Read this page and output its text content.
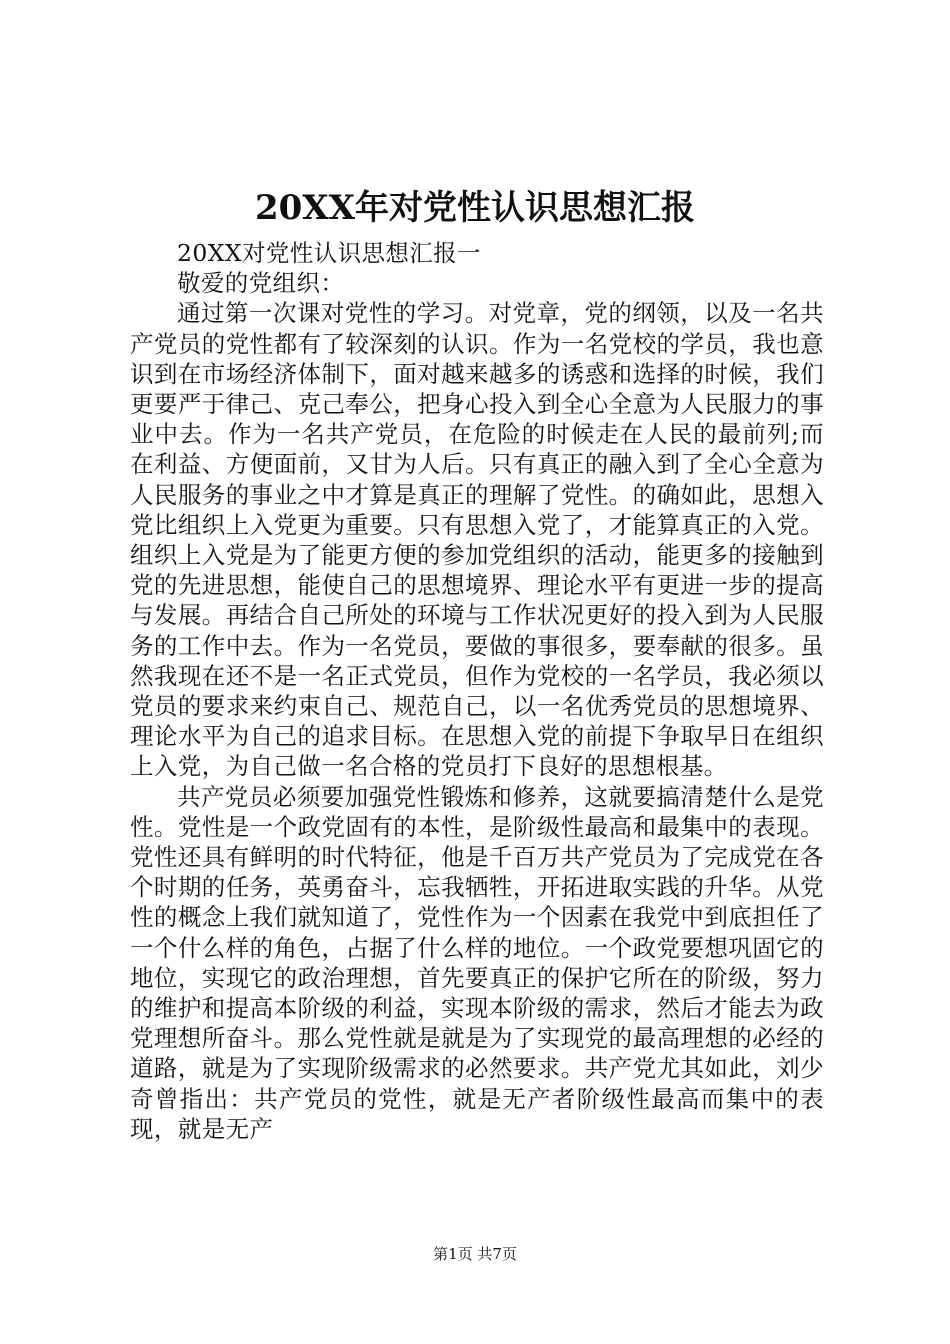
20XX年对党性认识思想汇报

20XX对党性认识思想汇报一

敬爱的党组织：

通过第一次课对党性的学习。对党章，党的纲领，以及一名共产党员的党性都有了较深刻的认识。作为一名党校的学员，我也意识到在市场经济体制下，面对越来越多的诱惑和选择的时候，我们更要严于律己、克己奉公，把身心投入到全心全意为人民服力的事业中去。作为一名共产党员，在危险的时候走在人民的最前列;而在利益、方便面前，又甘为人后。只有真正的融入到了全心全意为人民服务的事业之中才算是真正的理解了党性。的确如此，思想入党比组织上入党更为重要。只有思想入党了，才能算真正的入党。组织上入党是为了能更方便的参加党组织的活动，能更多的接触到党的先进思想，能使自己的思想境界、理论水平有更进一步的提高与发展。再结合自己所处的环境与工作状况更好的投入到为人民服务的工作中去。作为一名党员，要做的事很多，要奉献的很多。虽然我现在还不是一名正式党员，但作为党校的一名学员，我必须以党员的要求来约束自己、规范自己，以一名优秀党员的思想境界、理论水平为自己的追求目标。在思想入党的前提下争取早日在组织上入党，为自己做一名合格的党员打下良好的思想根基。

共产党员必须要加强党性锻炼和修养，这就要搞清楚什么是党性。党性是一个政党固有的本性，是阶级性最高和最集中的表现。党性还具有鲜明的时代特征，他是千百万共产党员为了完成党在各个时期的任务，英勇奋斗，忘我牺牲，开拓进取实践的升华。从党性的概念上我们就知道了，党性作为一个因素在我党中到底担任了一个什么样的角色，占据了什么样的地位。一个政党要想巩固它的地位，实现它的政治理想，首先要真正的保护它所在的阶级，努力的维护和提高本阶级的利益，实现本阶级的需求，然后才能去为政党理想所奋斗。那么党性就是就是为了实现党的最高理想的必经的道路，就是为了实现阶级需求的必然要求。共产党尤其如此，刘少奇曾指出：共产党员的党性，就是无产者阶级性最高而集中的表现，就是无产

第1页 共7页
